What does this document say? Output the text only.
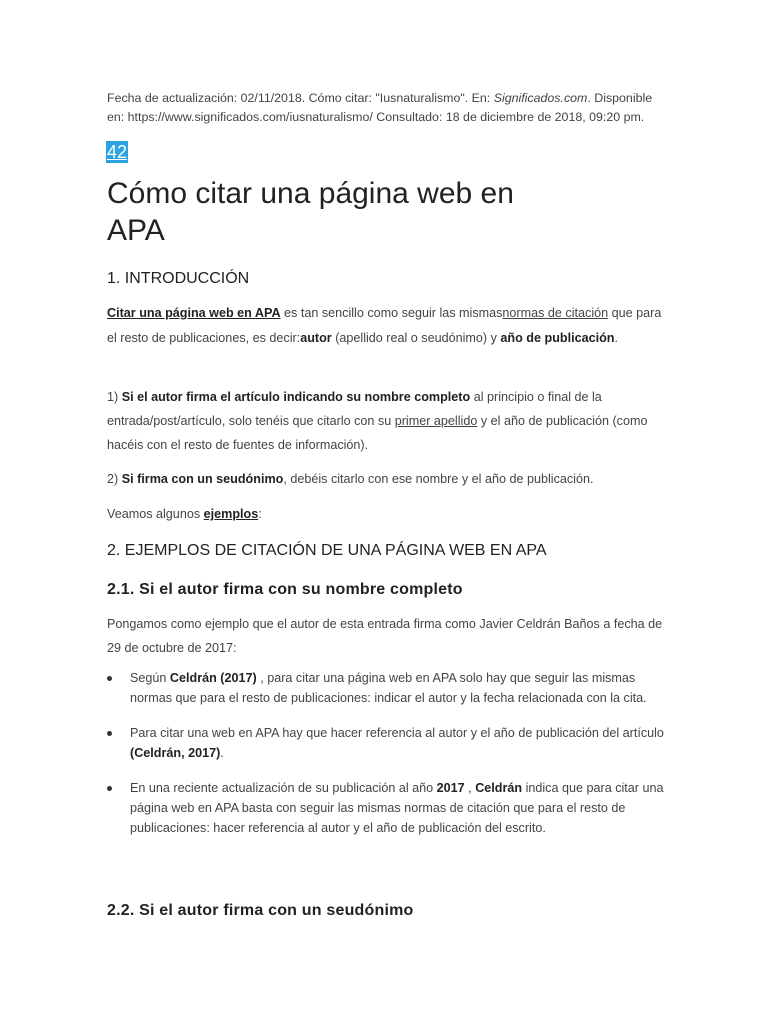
Fecha de actualización: 02/11/2018. Cómo citar: "Iusnaturalismo". En: Significados.com. Disponible en: https://www.significados.com/iusnaturalismo/ Consultado: 18 de diciembre de 2018, 09:20 pm.
42
Cómo citar una página web en APA
1. INTRODUCCIÓN

Citar una página web en APA es tan sencillo como seguir las mismasnormas de citación que para el resto de publicaciones, es decir:autor (apellido real o seudónimo) y año de publicación.

1) Si el autor firma el artículo indicando su nombre completo al principio o final de la entrada/post/artículo, solo tenéis que citarlo con su primer apellido y el año de publicación (como hacéis con el resto de fuentes de información).

2) Si firma con un seudónimo, debéis citarlo con ese nombre y el año de publicación.

Veamos algunos ejemplos:

2. EJEMPLOS DE CITACIÓN DE UNA PÁGINA WEB EN APA
2.1. Si el autor firma con su nombre completo

Pongamos como ejemplo que el autor de esta entrada firma como Javier Celdrán Baños a fecha de 29 de octubre de 2017:

Según Celdrán (2017) , para citar una página web en APA solo hay que seguir las mismas normas que para el resto de publicaciones: indicar el autor y la fecha relacionada con la cita.
Para citar una web en APA hay que hacer referencia al autor y el año de publicación del artículo (Celdrán, 2017).
En una reciente actualización de su publicación al año 2017 , Celdrán indica que para citar una página web en APA basta con seguir las mismas normas de citación que para el resto de publicaciones: hacer referencia al autor y el año de publicación del escrito.
2.2. Si el autor firma con un seudónimo
